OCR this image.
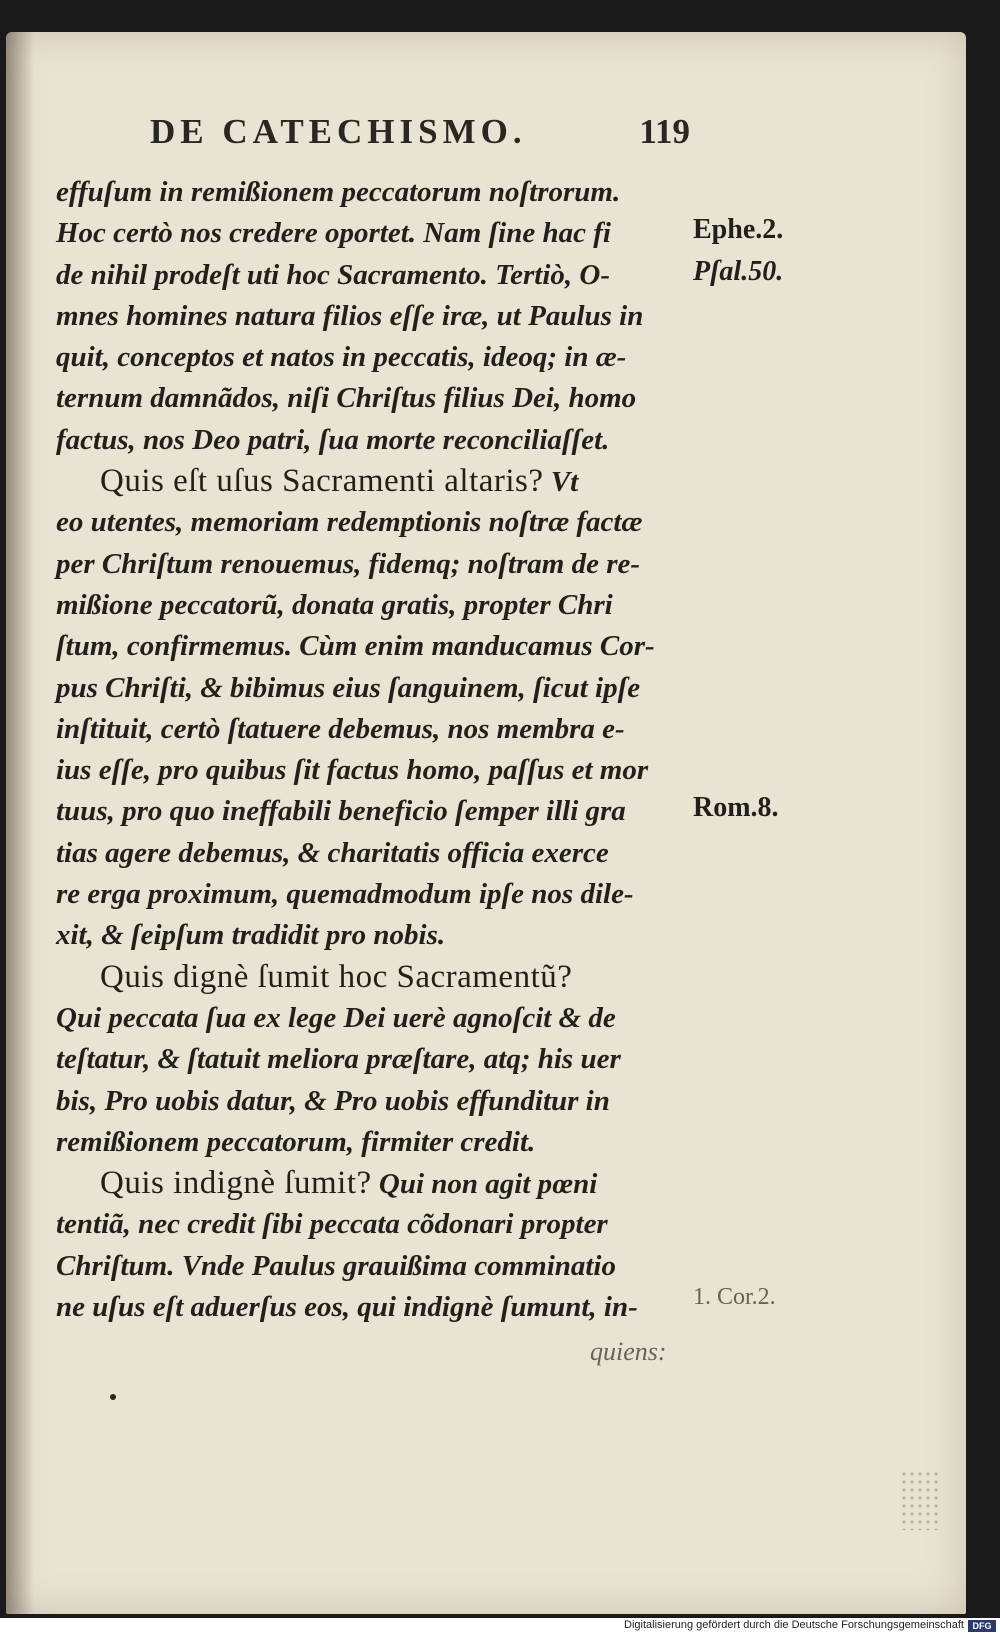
DE CATECHISMO.	119
effuſum in remißionem peccatorum noſtrorum.
Hoc certò nos credere oportet. Nam ſine hac fi
de nihil prodeſt uti hoc Sacramento. Tertiò, O-
mnes homines natura filios eſſe iræ, ut Paulus in
quit, conceptos et natos in peccatis, ideoq; in æ-
ternum damnãdos, niſi Chriſtus filius Dei, homo
factus, nos Deo patri, ſua morte reconciliaſſet.
Quis eſt uſus Sacramenti altaris? Vt
eo utentes, memoriam redemptionis noſtræ factæ
per Chriſtum renouemus, fidemq; noſtram de re-
mißione peccatorũ, donata gratis, propter Chri
ſtum, confirmemus. Cùm enim manducamus Cor-
pus Chriſti, & bibimus eius ſanguinem, ſicut ipſe
inſtituit, certò ſtatuere debemus, nos membra e-
ius eſſe, pro quibus ſit factus homo, paſſus et mor
tuus, pro quo ineffabili beneficio ſemper illi gra
tias agere debemus, & charitatis officia exerce
re erga proximum, quemadmodum ipſe nos dile-
xit, & ſeipſum tradidit pro nobis.
Quis dignè ſumit hoc Sacramentũ?
Qui peccata ſua ex lege Dei uerè agnoſcit & de
teſtatur, & ſtatuit meliora præſtare, atq; his uer
bis, Pro uobis datur, & Pro uobis effunditur in
remißionem peccatorum, firmiter credit.
Quis indignè ſumit? Qui non agit pœni
tentiã, nec credit ſibi peccata cõdonari propter
Chriſtum. Vnde Paulus grauißima comminatio
ne uſus eſt aduerſus eos, qui indignè ſumunt, in-
Ephe.2.
Pſal.50.
Rom.8.
1. Cor.2.
quiens:
Digitalisierung gefördert durch die Deutsche Forschungsgemeinschaft DFG
